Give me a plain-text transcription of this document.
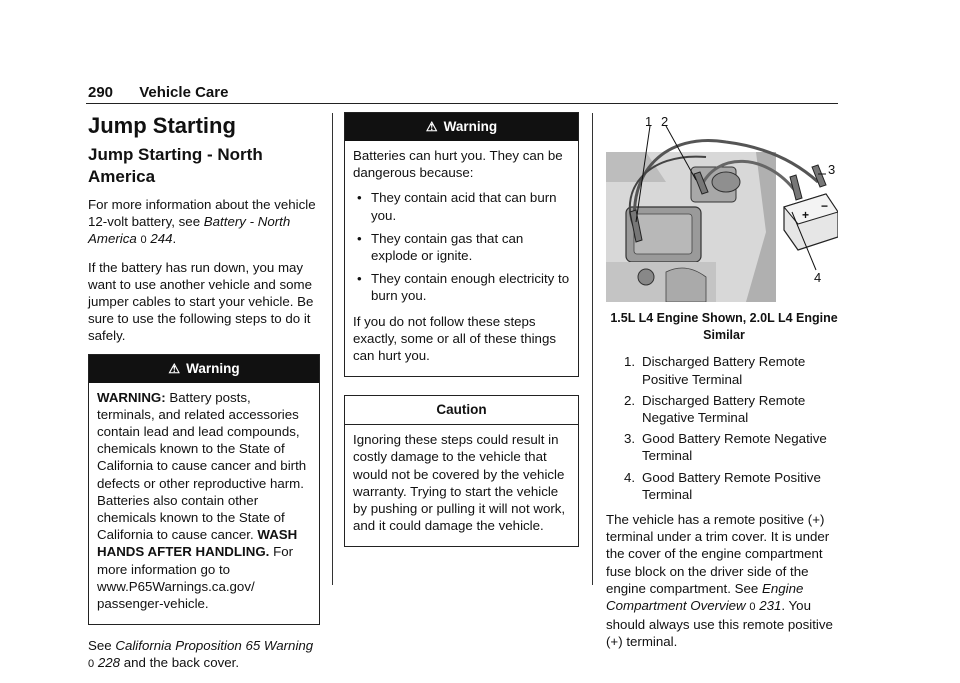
290 Vehicle Care
Jump Starting
Jump Starting - North America

For more information about the vehicle 12-volt battery, see Battery - North America 0 244.

If the battery has run down, you may want to use another vehicle and some jumper cables to start your vehicle. Be sure to use the following steps to do it safely.

⚠ Warning

WARNING: Battery posts, terminals, and related accessories contain lead and lead compounds, chemicals known to the State of California to cause cancer and birth defects or other reproductive harm. Batteries also contain other chemicals known to the State of California to cause cancer. WASH HANDS AFTER HANDLING. For more information go to www.P65Warnings.ca.gov/ passenger-vehicle.

See California Proposition 65 Warning 0 228 and the back cover.

⚠ Warning

Batteries can hurt you. They can be dangerous because:

• They contain acid that can burn you.
• They contain gas that can explode or ignite.
• They contain enough electricity to burn you.

If you do not follow these steps exactly, some or all of these things can hurt you.

Caution

Ignoring these steps could result in costly damage to the vehicle that would not be covered by the vehicle warranty. Trying to start the vehicle by pushing or pulling it will not work, and it could damage the vehicle.

+
−
1 2
3
4

1.5L L4 Engine Shown, 2.0L L4 Engine Similar

1. Discharged Battery Remote Positive Terminal
2. Discharged Battery Remote Negative Terminal
3. Good Battery Remote Negative Terminal
4. Good Battery Remote Positive Terminal

The vehicle has a remote positive (+) terminal under a trim cover. It is under the cover of the engine compartment fuse block on the driver side of the engine compartment. See Engine Compartment Overview 0 231. You should always use this remote positive (+) terminal.
